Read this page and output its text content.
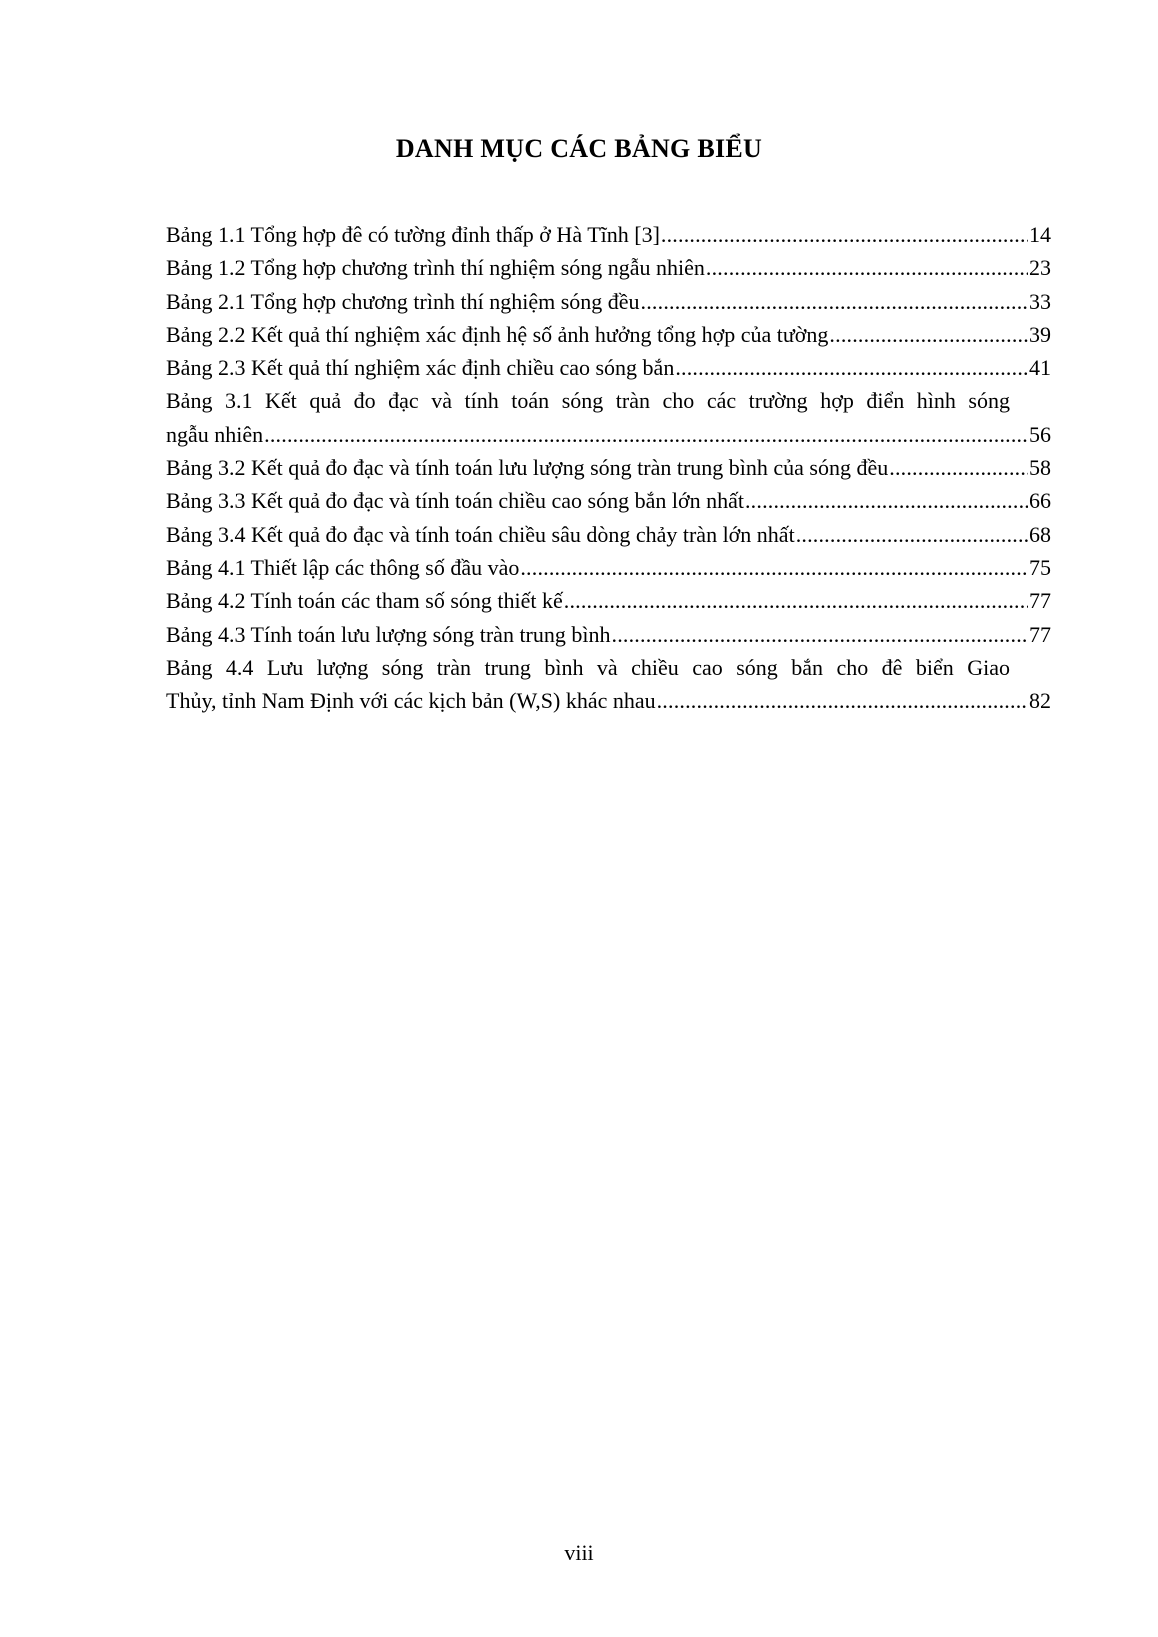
DANH MỤC CÁC BẢNG BIỂU
Bảng 1.1 Tổng hợp đê có tường đỉnh thấp ở Hà Tĩnh [3] .....	14
Bảng 1.2 Tổng hợp chương trình thí nghiệm sóng ngẫu nhiên .....	23
Bảng 2.1 Tổng hợp chương trình thí nghiệm sóng đều .....	33
Bảng 2.2 Kết quả thí nghiệm xác định hệ số ảnh hưởng tổng hợp của tường .....	39
Bảng 2.3 Kết quả thí nghiệm xác định chiều cao sóng bắn .....	41
Bảng 3.1 Kết quả đo đạc và tính toán sóng tràn cho các trường hợp điển hình sóng
ngẫu nhiên .....	56
Bảng 3.2 Kết quả đo đạc và tính toán lưu lượng sóng tràn trung bình của sóng đều .....	58
Bảng 3.3 Kết quả đo đạc và tính toán chiều cao sóng bắn lớn nhất .....	66
Bảng 3.4 Kết quả đo đạc và tính toán chiều sâu dòng chảy tràn lớn nhất .....	68
Bảng 4.1 Thiết lập các thông số đầu vào .....	75
Bảng 4.2 Tính toán các tham số sóng thiết kế .....	77
Bảng 4.3 Tính toán lưu lượng sóng tràn trung bình .....	77
Bảng 4.4 Lưu lượng sóng tràn trung bình và chiều cao sóng bắn cho đê biển Giao
Thủy, tỉnh Nam Định với các kịch bản (W,S) khác nhau .....	82
viii
